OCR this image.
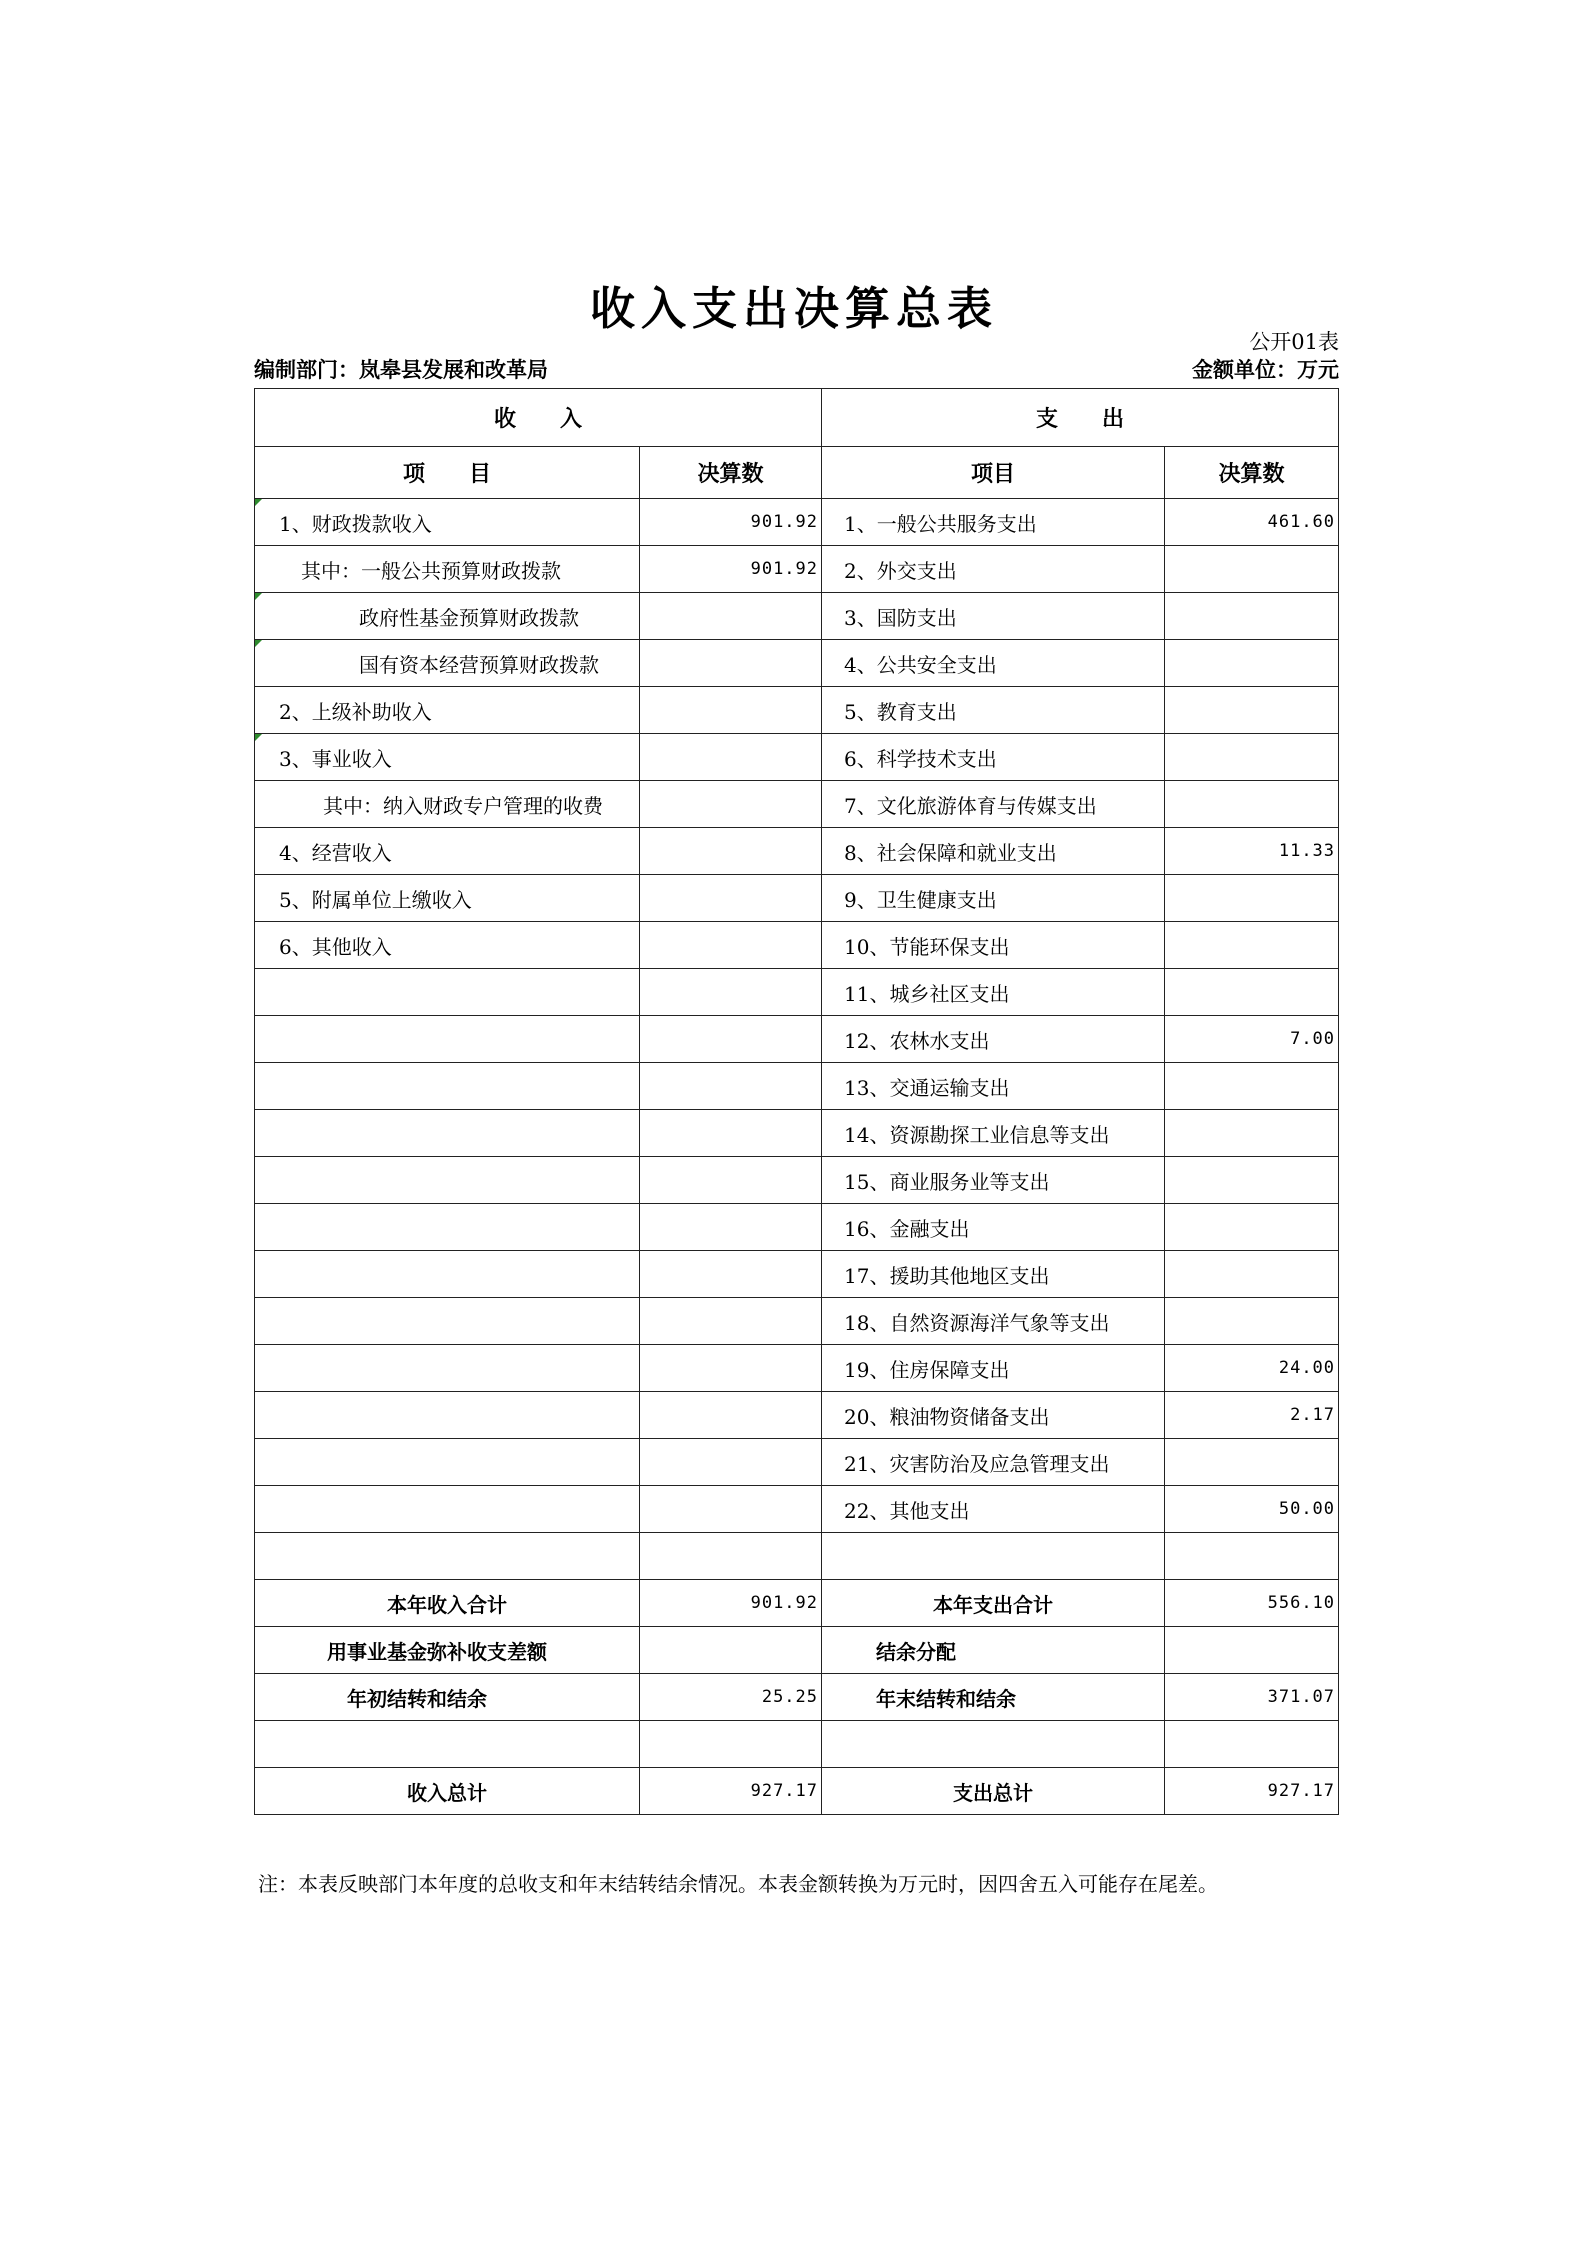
收入支出决算总表
公开01表
编制部门：岚皋县发展和改革局	金额单位：万元
收　　入		支　　出	
项　　目	决算数	项目	决算数
1、财政拨款收入	901.92	1、一般公共服务支出	461.60
其中：一般公共预算财政拨款	901.92	2、外交支出	
政府性基金预算财政拨款		3、国防支出	
国有资本经营预算财政拨款		4、公共安全支出	
2、上级补助收入		5、教育支出	
3、事业收入		6、科学技术支出	
其中：纳入财政专户管理的收费		7、文化旅游体育与传媒支出	
4、经营收入		8、社会保障和就业支出	11.33
5、附属单位上缴收入		9、卫生健康支出	
6、其他收入		10、节能环保支出	
		11、城乡社区支出	
		12、农林水支出	7.00
		13、交通运输支出	
		14、资源勘探工业信息等支出	
		15、商业服务业等支出	
		16、金融支出	
		17、援助其他地区支出	
		18、自然资源海洋气象等支出	
		19、住房保障支出	24.00
		20、粮油物资储备支出	2.17
		21、灾害防治及应急管理支出	
		22、其他支出	50.00

本年收入合计	901.92	本年支出合计	556.10
用事业基金弥补收支差额		结余分配	
年初结转和结余	25.25	年末结转和结余	371.07

收入总计	927.17	支出总计	927.17
注：本表反映部门本年度的总收支和年末结转结余情况。本表金额转换为万元时，因四舍五入可能存在尾差。
